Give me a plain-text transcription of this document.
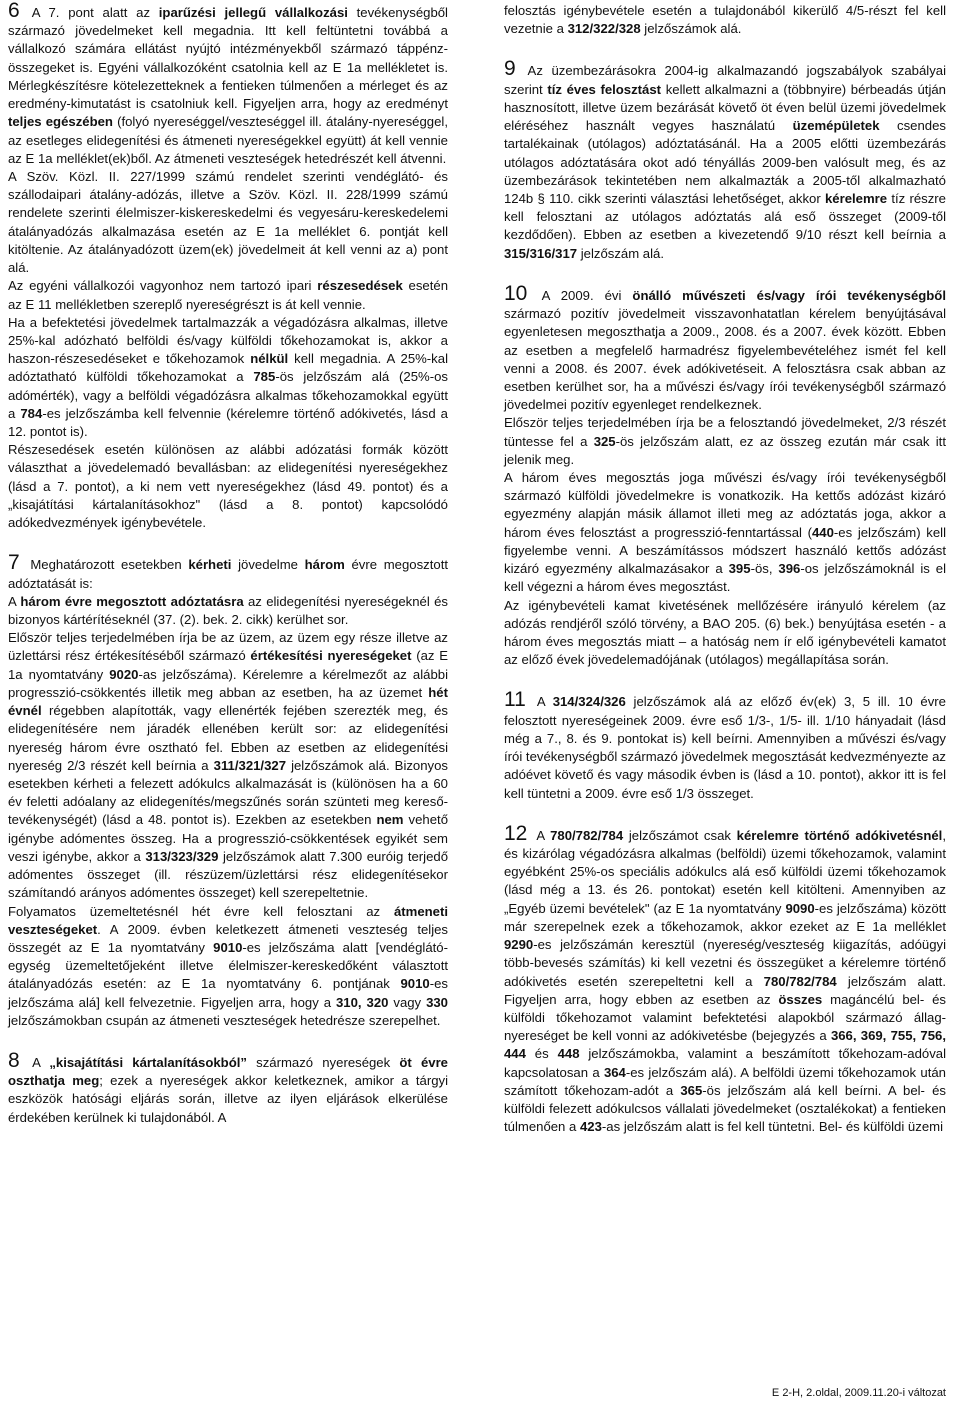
6 A 7. pont alatt az iparűzési jellegű vállalkozási tevékenységből származó jövedelmeket kell megadnia. Itt kell feltüntetni továbbá a vállalkozó számára ellátást nyújtó intézményekből származó táppénz-összegeket is. Egyéni vállalkozóként csatolnia kell az E 1a mellékletet is. Mérlegkészítésre kötelezetteknek a fentieken túlmenően a mérleget és az eredmény-kimutatást is csatolniuk kell. Figyeljen arra, hogy az eredményt teljes egészében (folyó nyereséggel/veszteséggel ill. átalány-nyereséggel, az esetleges elidegenítési és átmeneti nyereségekkel együtt) át kell vennie az E 1a melléklet(ek)ből. Az átmeneti veszteségek hetedrészét kell átvenni.

A Szöv. Közl. II. 227/1999 számú rendelet szerinti vendéglátó- és szállodaipari átalány-adózás, illetve a Szöv. Közl. II. 228/1999 számú rendelete szerinti élelmiszer-kiskereskedelmi és vegyesáru-kereskedelemi átalányadózás alkalmazása esetén az E 1a melléklet 6. pontját kell kitöltenie. Az átalányadózott üzem(ek) jövedelmeit át kell venni az a) pont alá.

Az egyéni vállalkozói vagyonhoz nem tartozó ipari részesedések esetén az E 11 mellékletben szereplő nyereségrészt is át kell vennie.

Ha a befektetési jövedelmek tartalmazzák a végadózásra alkalmas, illetve 25%-kal adózható belföldi és/vagy külföldi tőkehozamokat is, akkor a haszon-részesedéseket e tőkehozamok nélkül kell megadnia. A 25%-kal adóztatható külföldi tőkehozamokat a 785-ös jelzőszám alá (25%-os adómérték), vagy a belföldi végadózásra alkalmas tőkehozamokkal együtt a 784-es jelzőszámba kell felvennie (kérelemre történő adókivetés, lásd a 12. pontot is).

Részesedések esetén különösen az alábbi adózatási formák között választhat a jövedelemadó bevallásban: az elidegenítési nyereségekhez (lásd a 7. pontot), a ki nem vett nyereségekhez (lásd 49. pontot) és a „kisajátítási kártalanításokhoz" (lásd a 8. pontot) kapcsolódó adókedvezmények igénybevétele.

7 Meghatározott esetekben kérheti jövedelme három évre megosztott adóztatását is:

A három évre megosztott adóztatásra az elidegenítési nyereségeknél és bizonyos kártérítéseknél (37. (2). bek. 2. cikk) kerülhet sor.

Először teljes terjedelmében írja be az üzem, az üzem egy része illetve az üzlettársi rész értékesítéséből származó értékesítési nyereségeket (az E 1a nyomtatvány 9020-as jelzőszáma). Kérelemre a kérelmezőt az alábbi progresszió-csökkentés illetik meg abban az esetben, ha az üzemet hét évnél régebben alapították, vagy ellenérték fejében szerezték meg, és elidegenítésére nem járadék ellenében került sor: az elidegenítési nyereség három évre osztható fel. Ebben az esetben az elidegenítési nyereség 2/3 részét kell beírnia a 311/321/327 jelzőszámok alá. Bizonyos esetekben kérheti a felezett adókulcs alkalmazását is (különösen ha a 60 év feletti adóalany az elidegenítés/megszűnés során szünteti meg kereső-tevékenységét) (lásd a 48. pontot is). Ezekben az esetekben nem vehető igénybe adómentes összeg. Ha a progresszió-csökkentések egyikét sem veszi igénybe, akkor a 313/323/329 jelzőszámok alatt 7.300 euróig terjedő adómentes összeget (ill. részüzem/üzlettársi rész elidegenítésekor számítandó arányos adómentes összeget) kell szerepeltetnie.

Folyamatos üzemeltetésnél hét évre kell felosztani az átmeneti veszteségeket. A 2009. évben keletkezett átmeneti veszteség teljes összegét az E 1a nyomtatvány 9010-es jelzőszáma alatt [vendéglátó-egység üzemeltetőjeként illetve élelmiszer-kereskedőként választott átalányadózás esetén: az E 1a nyomtatvány 6. pontjának 9010-es jelzőszáma alá] kell felvezetnie. Figyeljen arra, hogy a 310, 320 vagy 330 jelzőszámokban csupán az átmeneti veszteségek hetedrésze szerepelhet.

8 A „kisajátítási kártalanításokból” származó nyereségek öt évre oszthatja meg; ezek a nyereségek akkor keletkeznek, amikor a tárgyi eszközök hatósági eljárás során, illetve az ilyen eljárások elkerülése érdekében kerülnek ki tulajdonából. A

felosztás igénybevétele esetén a tulajdonából kikerülő 4/5-részt fel kell vezetnie a 312/322/328 jelzőszámok alá.

9 Az üzembezárásokra 2004-ig alkalmazandó jogszabályok szabályai szerint tíz éves felosztást kellett alkalmazni a (többnyire) bérbeadás útján hasznosított, illetve üzem bezárását követő öt éven belül üzemi jövedelmek eléréséhez használt vegyes használatú üzemépületek csendes tartalékainak (utólagos) adóztatásánál. Ha a 2005 előtti üzembezárás utólagos adóztatására okot adó tényállás 2009-ben valósult meg, és az üzembezárások tekintetében nem alkalmazták a 2005-től alkalmazható 124b § 110. cikk szerinti választási lehetőséget, akkor kérelemre tíz részre kell felosztani az utólagos adóztatás alá eső összeget (2009-től kezdődően). Ebben az esetben a kivezetendő 9/10 részt kell beírnia a 315/316/317 jelzőszám alá.

10 A 2009. évi önálló művészeti és/vagy írói tevékenységből származó pozitív jövedelmeit visszavonhatatlan kérelem benyújtásával egyenletesen megoszthatja a 2009., 2008. és a 2007. évek között. Ebben az esetben a megfelelő harmadrész figyelembevételéhez ismét fel kell venni a 2008. és 2007. évek adókivetéseit. A felosztásra csak abban az esetben kerülhet sor, ha a művészi és/vagy írói tevékenységből származó jövedelmei pozitív egyenleget rendelkeznek.

Először teljes terjedelmében írja be a felosztandó jövedelmeket, 2/3 részét tüntesse fel a 325-ös jelzőszám alatt, ez az összeg ezután már csak itt jelenik meg.

A három éves megosztás joga művészi és/vagy írói tevékenységből származó külföldi jövedelmekre is vonatkozik. Ha kettős adózást kizáró egyezmény alapján másik államot illeti meg az adóztatás joga, akkor a három éves felosztást a progresszió-fenntartással (440-es jelzőszám) kell figyelembe venni. A beszámítássos módszert használó kettős adózást kizáró egyezmény alkalmazásakor a 395-ös, 396-os jelzőszámoknál is el kell végezni a három éves megosztást.

Az igénybevételi kamat kivetésének mellőzésére irányuló kérelem (az adózás rendjéről szóló törvény, a BAO 205. (6) bek.) benyújtása esetén - a három éves megosztás miatt – a hatóság nem ír elő igénybevételi kamatot az előző évek jövedelemadójának (utólagos) megállapítása során.

11 A 314/324/326 jelzőszámok alá az előző év(ek) 3, 5 ill. 10 évre felosztott nyereségeinek 2009. évre eső 1/3-, 1/5- ill. 1/10 hányadait (lásd még a 7., 8. és 9. pontokat is) kell beírni. Amennyiben a művészi és/vagy írói tevékenységből származó jövedelmek megosztását kedvezményezte az adóévet követő és vagy második évben is (lásd a 10. pontot), akkor itt is fel kell tüntetni a 2009. évre eső 1/3 összeget.

12 A 780/782/784 jelzőszámot csak kérelemre történő adókivetésnél, és kizárólag végadózásra alkalmas (belföldi) üzemi tőkehozamok, valamint egyébként 25%-os speciális adókulcs alá eső külföldi üzemi tőkehozamok (lásd még a 13. és 26. pontokat) esetén kell kitölteni. Amennyiben az „Egyéb üzemi bevételek" (az E 1a nyomtatvány 9090-es jelzőszáma) között már szerepelnek ezek a tőkehozamok, akkor ezeket az E 1a melléklet 9290-es jelzőszámán keresztül (nyereség/veszteség kiigazítás, adóügyi több-bevesés számítás) ki kell vezetni és összegüket a kérelemre történő adókivetés esetén szerepeltetni kell a 780/782/784 jelzőszám alatt. Figyeljen arra, hogy ebben az esetben az összes magáncélú bel- és külföldi tőkehozamot valamint befektetési alapokból származó állag-nyereséget be kell vonni az adókivetésbe (bejegyzés a 366, 369, 755, 756, 444 és 448 jelzőszámokba, valamint a beszámított tőkehozam-adóval kapcsolatosan a 364-es jelzőszám alá). A belföldi üzemi tőkehozamok után számított tőkehozam-adót a 365-ös jelzőszám alá kell beírni. A bel- és külföldi felezett adókulcsos vállalati jövedelmeket (osztalékokat) a fentieken túlmenően a 423-as jelzőszám alatt is fel kell tüntetni. Bel- és külföldi üzemi

E 2-H, 2.oldal, 2009.11.20-i változat
